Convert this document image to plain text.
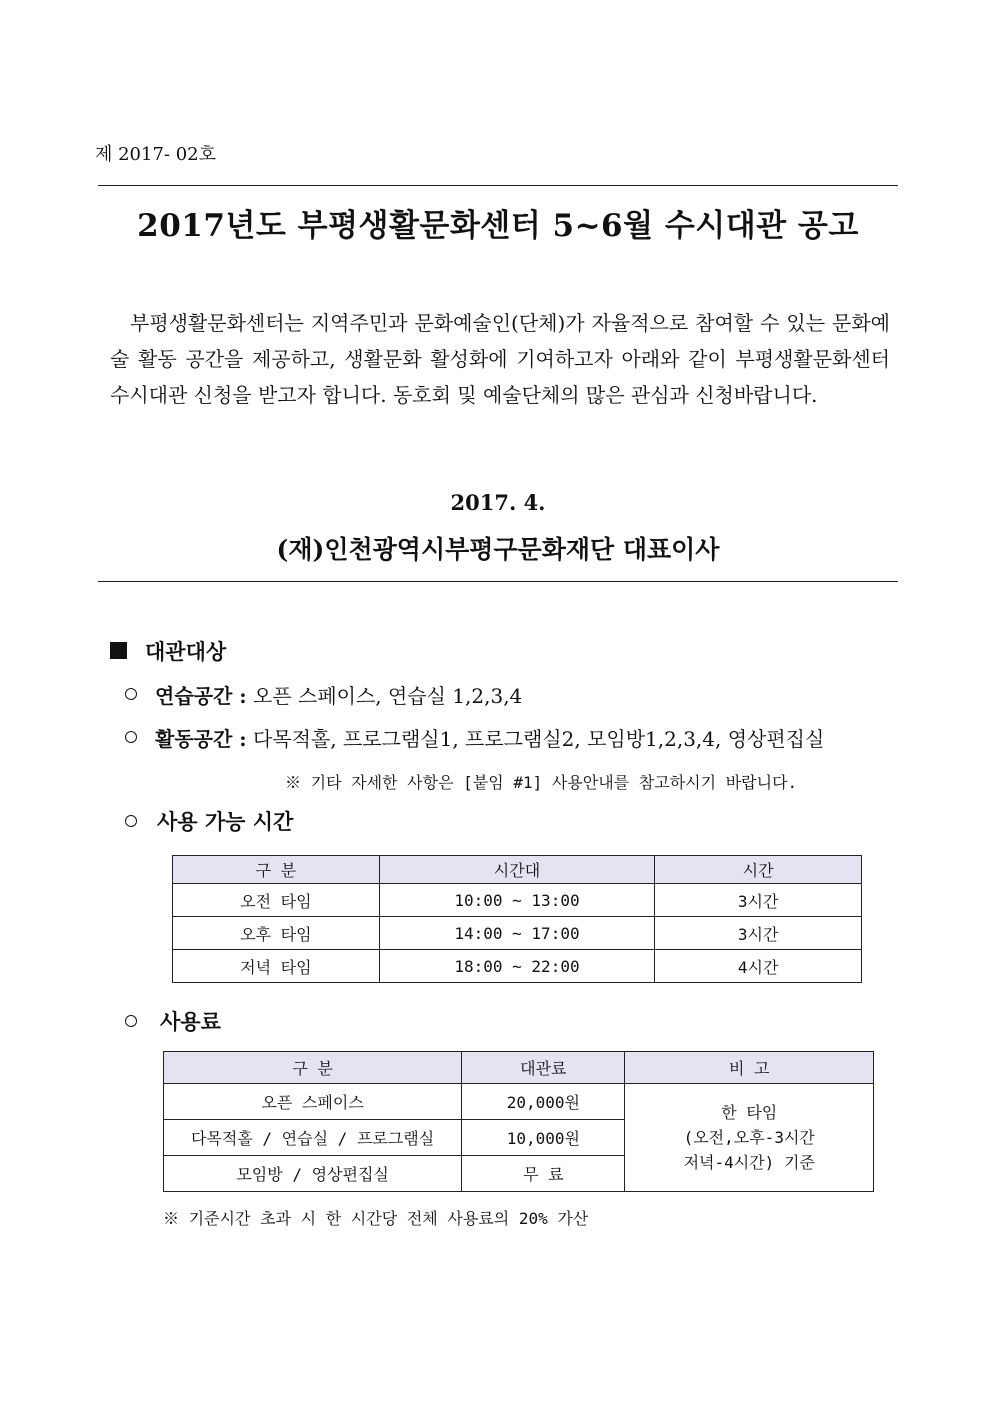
제 2017- 02호
2017년도 부평생활문화센터 5~6월 수시대관 공고
부평생활문화센터는 지역주민과 문화예술인(단체)가 자율적으로 참여할 수 있는 문화예술 활동 공간을 제공하고, 생활문화 활성화에 기여하고자 아래와 같이 부평생활문화센터 수시대관 신청을 받고자 합니다. 동호회 및 예술단체의 많은 관심과 신청바랍니다.
2017. 4.
(재)인천광역시부평구문화재단 대표이사
대관대상
연습공간 : 오픈 스페이스, 연습실 1,2,3,4
활동공간 : 다목적홀, 프로그램실1, 프로그램실2, 모임방1,2,3,4, 영상편집실
※ 기타 자세한 사항은 [붙임 #1] 사용안내를 참고하시기 바랍니다.
사용 가능 시간
구 분	시간대	시간
오전 타임	10:00 ~ 13:00	3시간
오후 타임	14:00 ~ 17:00	3시간
저녁 타임	18:00 ~ 22:00	4시간
사용료
구 분	대관료	비 고
오픈 스페이스	20,000원	한 타임
(오전,오후-3시간
저녁-4시간) 기준

다목적홀 / 연습실 / 프로그램실	10,000원	
모임방 / 영상편집실	무 료	
※ 기준시간 초과 시 한 시간당 전체 사용료의 20% 가산
